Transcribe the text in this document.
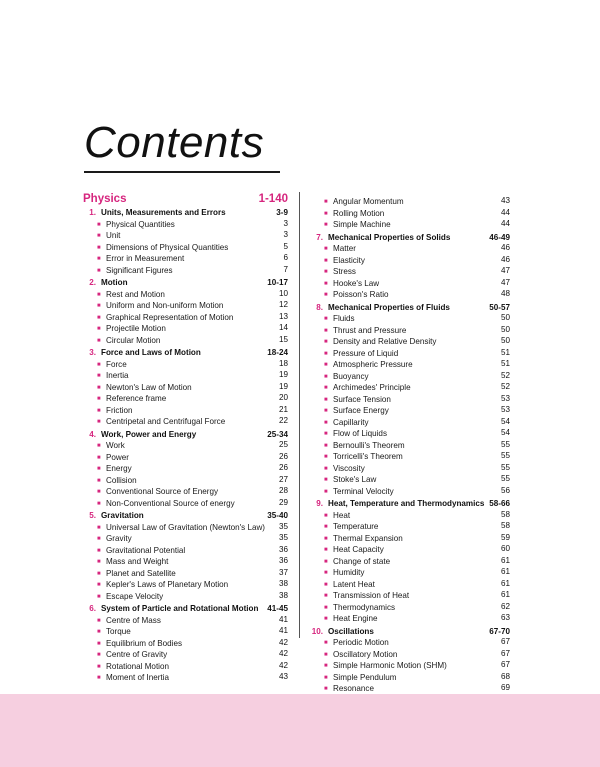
Contents
Physics	1-140
1. Units, Measurements and Errors	3-9
■ Physical Quantities	3
■ Unit	3
■ Dimensions of Physical Quantities	5
■ Error in Measurement	6
■ Significant Figures	7
2. Motion	10-17
■ Rest and Motion	10
■ Uniform and Non-uniform Motion	12
■ Graphical Representation of Motion	13
■ Projectile Motion	14
■ Circular Motion	15
3. Force and Laws of Motion	18-24
■ Force	18
■ Inertia	19
■ Newton's Law of Motion	19
■ Reference frame	20
■ Friction	21
■ Centripetal and Centrifugal Force	22
4. Work, Power and Energy	25-34
■ Work	25
■ Power	26
■ Energy	26
■ Collision	27
■ Conventional Source of Energy	28
■ Non-Conventional Source of energy	29
5. Gravitation	35-40
■ Universal Law of Gravitation (Newton's Law) 35
■ Gravity	35
■ Gravitational Potential	36
■ Mass and Weight	36
■ Planet and Satellite	37
■ Kepler's Laws of Planetary Motion	38
■ Escape Velocity	38
6. System of Particle and Rotational Motion 41-45
■ Centre of Mass	41
■ Torque	41
■ Equilibrium of Bodies	42
■ Centre of Gravity	42
■ Rotational Motion	42
■ Moment of Inertia	43
■ Angular Momentum	43
■ Rolling Motion	44
■ Simple Machine	44
7. Mechanical Properties of Solids	46-49
■ Matter	46
■ Elasticity	46
■ Stress	47
■ Hooke's Law	47
■ Poisson's Ratio	48
8. Mechanical Properties of Fluids	50-57
■ Fluids	50
■ Thrust and Pressure	50
■ Density and Relative Density	50
■ Pressure of Liquid	51
■ Atmospheric Pressure	51
■ Buoyancy	52
■ Archimedes' Principle	52
■ Surface Tension	53
■ Surface Energy	53
■ Capillarity	54
■ Flow of Liquids	54
■ Bernoulli's Theorem	55
■ Torricelli's Theorem	55
■ Viscosity	55
■ Stoke's Law	55
■ Terminal Velocity	56
9. Heat, Temperature and Thermodynamics 58-66
■ Heat	58
■ Temperature	58
■ Thermal Expansion	59
■ Heat Capacity	60
■ Change of state	61
■ Humidity	61
■ Latent Heat	61
■ Transmission of Heat	61
■ Thermodynamics	62
■ Heat Engine	63
10. Oscillations	67-70
■ Periodic Motion	67
■ Oscillatory Motion	67
■ Simple Harmonic Motion (SHM)	67
■ Simple Pendulum	68
■ Resonance	69
